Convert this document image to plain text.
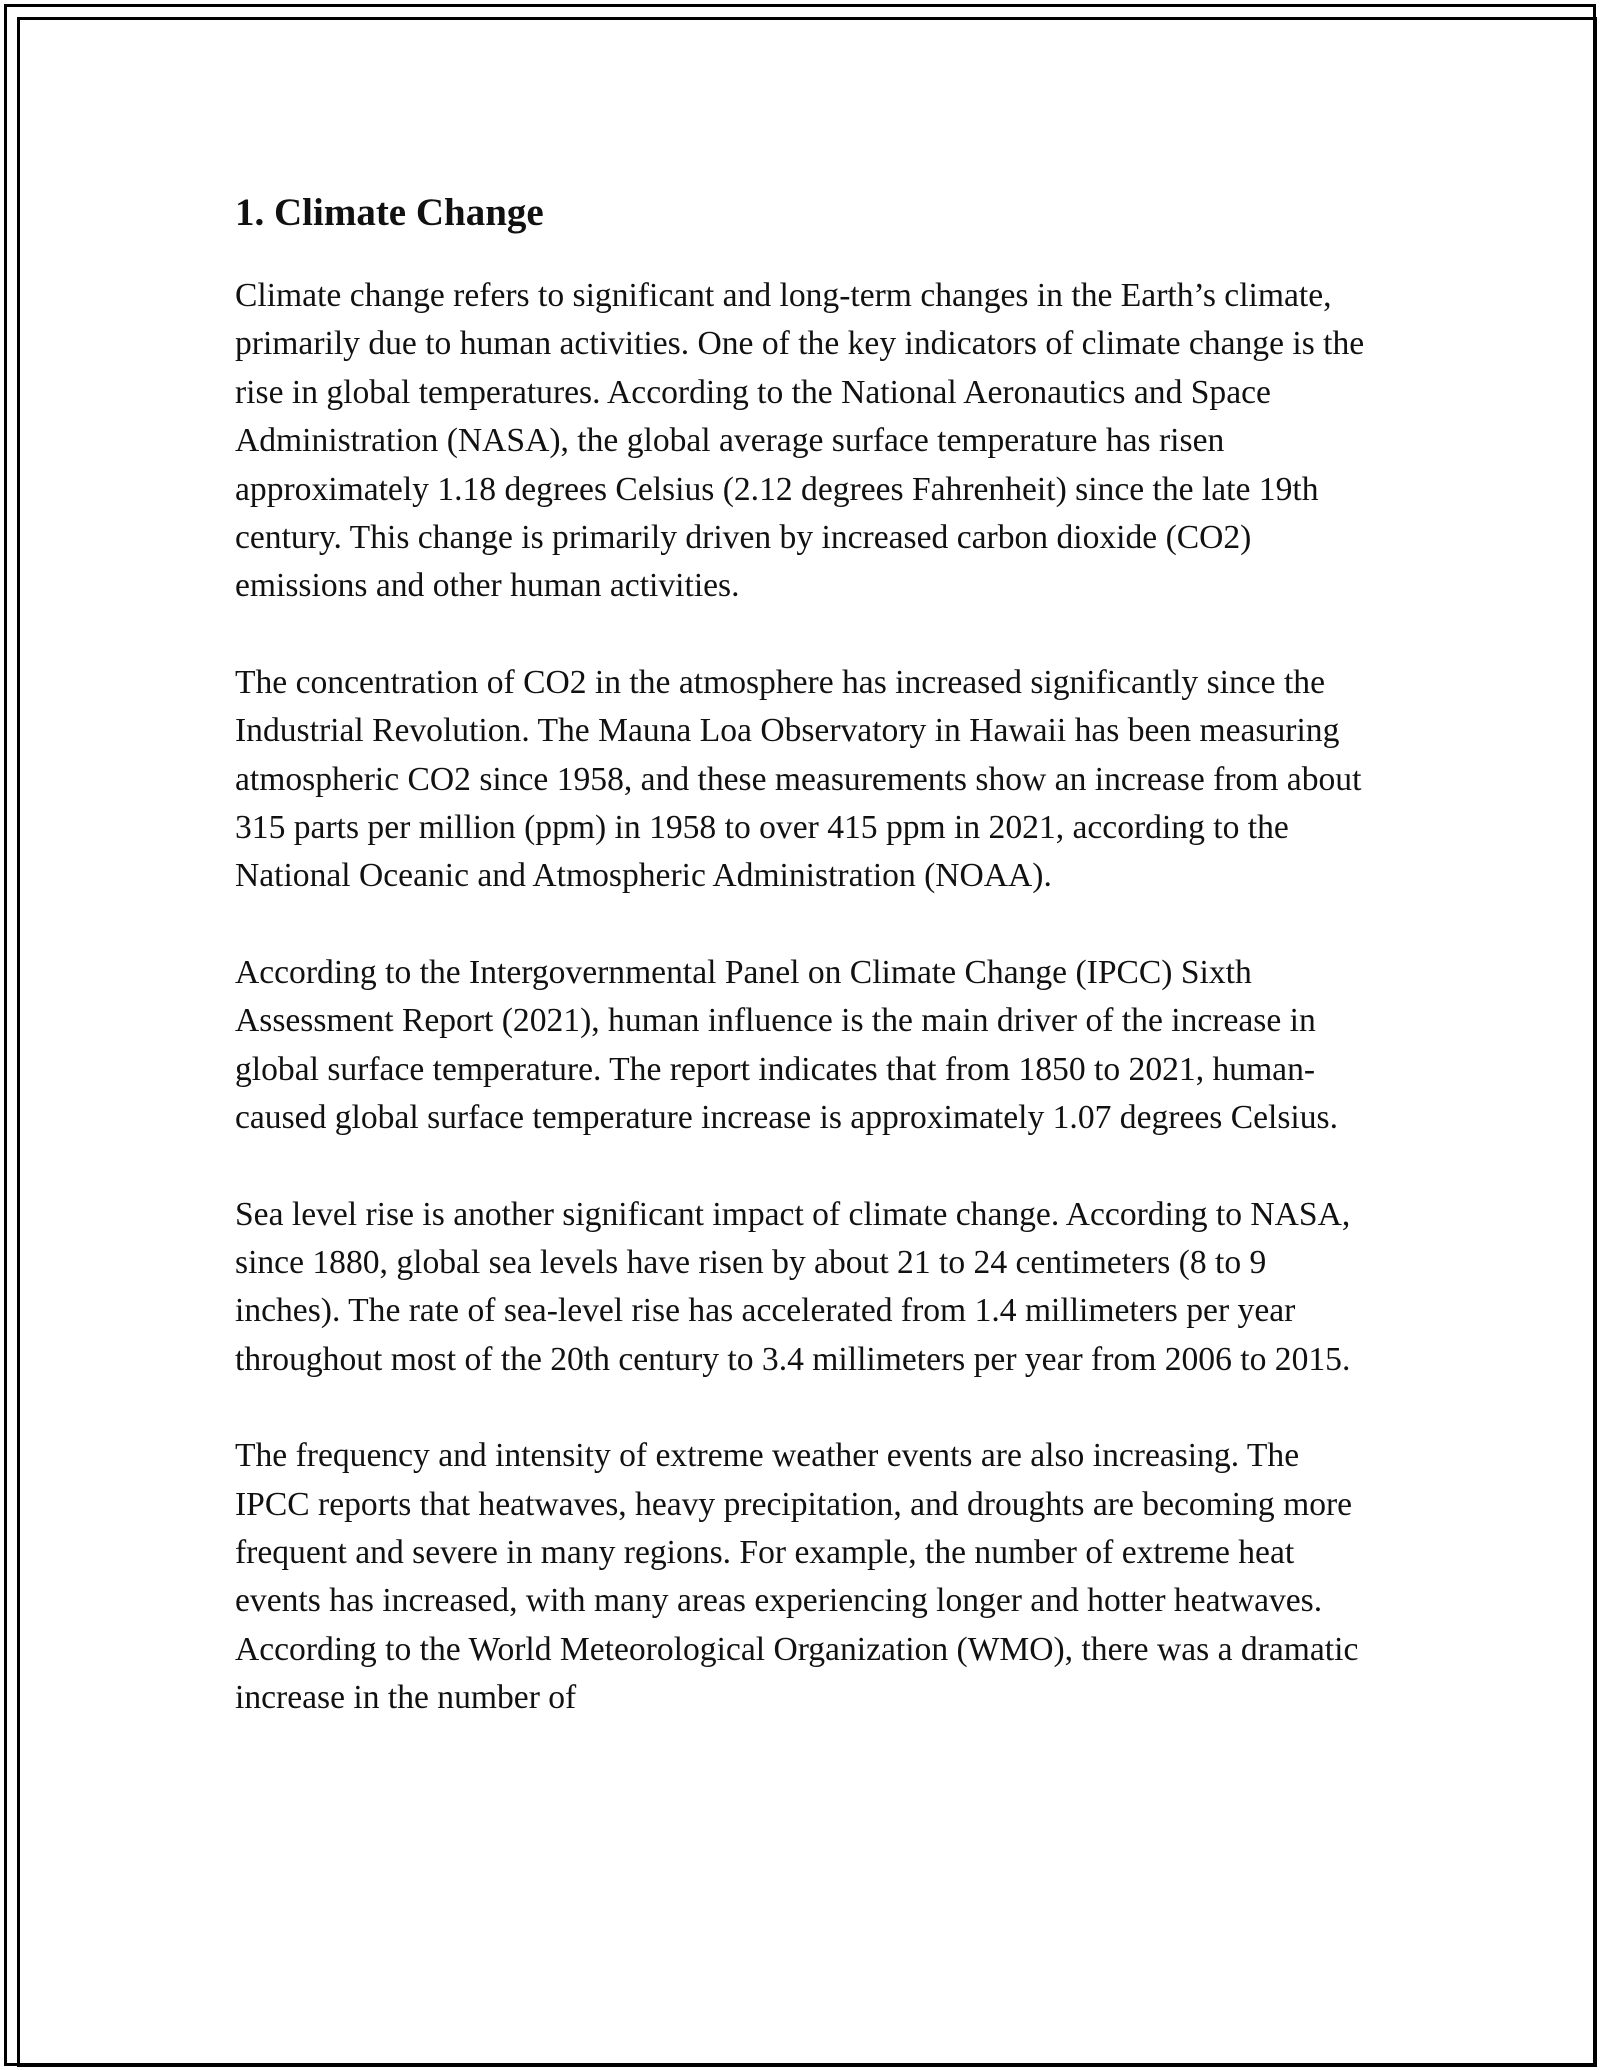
1. Climate Change

Climate change refers to significant and long-term changes in the Earth’s climate, primarily due to human activities. One of the key indicators of climate change is the rise in global temperatures. According to the National Aeronautics and Space Administration (NASA), the global average surface temperature has risen approximately 1.18 degrees Celsius (2.12 degrees Fahrenheit) since the late 19th century. This change is primarily driven by increased carbon dioxide (CO2) emissions and other human activities.

The concentration of CO2 in the atmosphere has increased significantly since the Industrial Revolution. The Mauna Loa Observatory in Hawaii has been measuring atmospheric CO2 since 1958, and these measurements show an increase from about 315 parts per million (ppm) in 1958 to over 415 ppm in 2021, according to the National Oceanic and Atmospheric Administration (NOAA).

According to the Intergovernmental Panel on Climate Change (IPCC) Sixth Assessment Report (2021), human influence is the main driver of the increase in global surface temperature. The report indicates that from 1850 to 2021, human-caused global surface temperature increase is approximately 1.07 degrees Celsius.

Sea level rise is another significant impact of climate change. According to NASA, since 1880, global sea levels have risen by about 21 to 24 centimeters (8 to 9 inches). The rate of sea-level rise has accelerated from 1.4 millimeters per year throughout most of the 20th century to 3.4 millimeters per year from 2006 to 2015.

The frequency and intensity of extreme weather events are also increasing. The IPCC reports that heatwaves, heavy precipitation, and droughts are becoming more frequent and severe in many regions. For example, the number of extreme heat events has increased, with many areas experiencing longer and hotter heatwaves. According to the World Meteorological Organization (WMO), there was a dramatic increase in the number of
